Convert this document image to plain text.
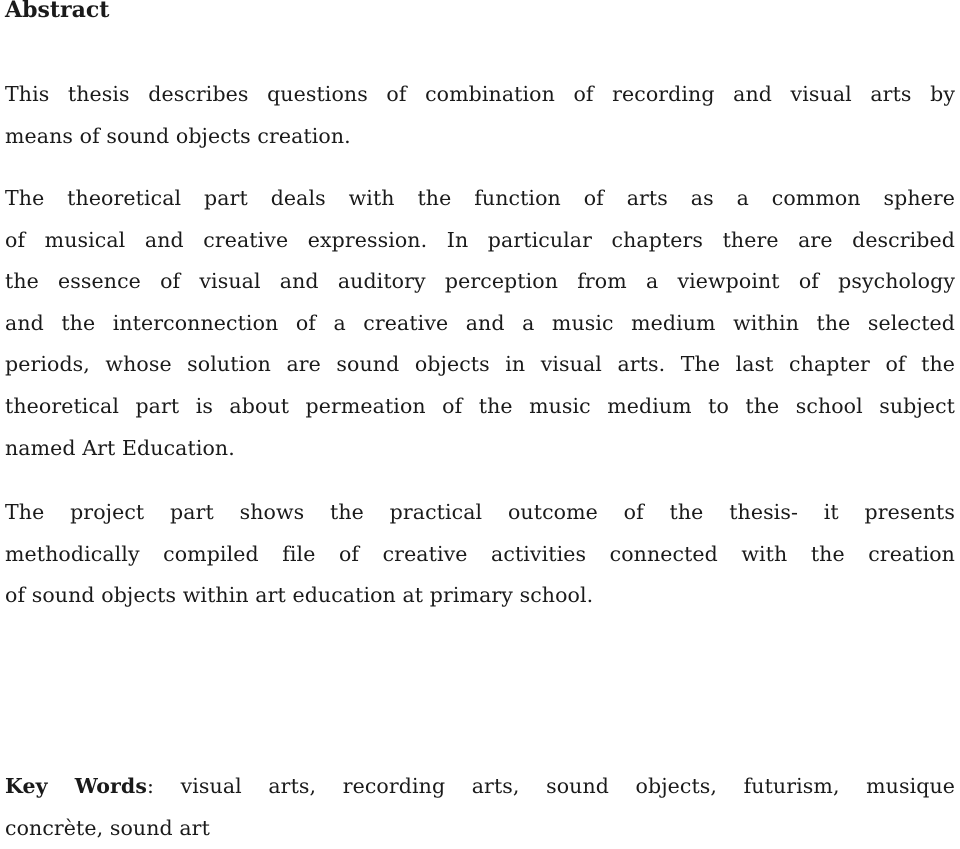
Abstract
This thesis describes questions of combination of recording and visual arts by
means of sound objects creation.
The theoretical part deals with the function of arts as a common sphere
of musical and creative expression. In particular chapters there are described
the essence of visual and auditory perception from a viewpoint of psychology
and the interconnection of a creative and a music medium within the selected
periods, whose solution are sound objects in visual arts. The last chapter of the
theoretical part is about permeation of the music medium to the school subject
named Art Education.
The project part shows the practical outcome of the thesis- it presents
methodically compiled file of creative activities connected with the creation
of sound objects within art education at primary school.
Key Words: visual arts, recording arts, sound objects, futurism, musique
concrète, sound art
